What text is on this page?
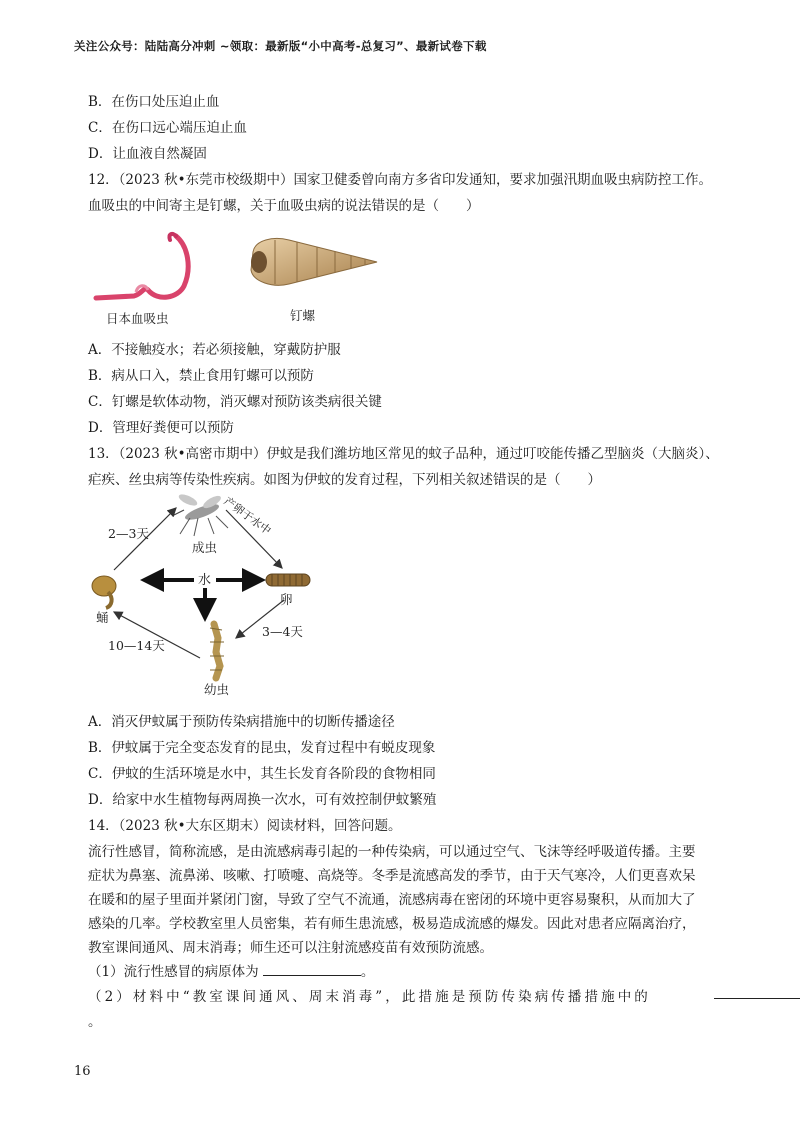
关注公众号：陆陆高分冲刺 ~领取：最新版“小中高考-总复习”、最新试卷下载
B．在伤口处压迫止血
C．在伤口远心端压迫止血
D．让血液自然凝固
12．（2023 秋•东莞市校级期中）国家卫健委曾向南方多省印发通知，要求加强汛期血吸虫病防控工作。
血吸虫的中间寄主是钉螺，关于血吸虫病的说法错误的是（　　）
日本血吸虫	钉螺
A．不接触疫水；若必须接触，穿戴防护服
B．病从口入，禁止食用钉螺可以预防
C．钉螺是软体动物，消灭螺对预防该类病很关键
D．管理好粪便可以预防
13．（2023 秋•高密市期中）伊蚊是我们潍坊地区常见的蚊子品种，通过叮咬能传播乙型脑炎（大脑炎）、
疟疾、丝虫病等传染性疾病。如图为伊蚊的发育过程，下列相关叙述错误的是（　　）
成虫
蛹
卵
幼虫
水
2—3天	产卵于水中
3—4天
10—14天
A．消灭伊蚊属于预防传染病措施中的切断传播途径
B．伊蚊属于完全变态发育的昆虫，发育过程中有蜕皮现象
C．伊蚊的生活环境是水中，其生长发育各阶段的食物相同
D．给家中水生植物每两周换一次水，可有效控制伊蚊繁殖
14．（2023 秋•大东区期末）阅读材料，回答问题。
流行性感冒，简称流感，是由流感病毒引起的一种传染病，可以通过空气、飞沫等经呼吸道传播。主要
症状为鼻塞、流鼻涕、咳嗽、打喷嚏、高烧等。冬季是流感高发的季节，由于天气寒冷，人们更喜欢呆
在暖和的屋子里面并紧闭门窗，导致了空气不流通，流感病毒在密闭的环境中更容易聚积，从而加大了
感染的几率。学校教室里人员密集，若有师生患流感，极易造成流感的爆发。因此对患者应隔离治疗，
教室课间通风、周末消毒；师生还可以注射流感疫苗有效预防流感。
（1）流行性感冒的病原体为	。
（2）材料中“教室课间通风、周末消毒”，此措施是预防传染病传播措施中的
。
16
